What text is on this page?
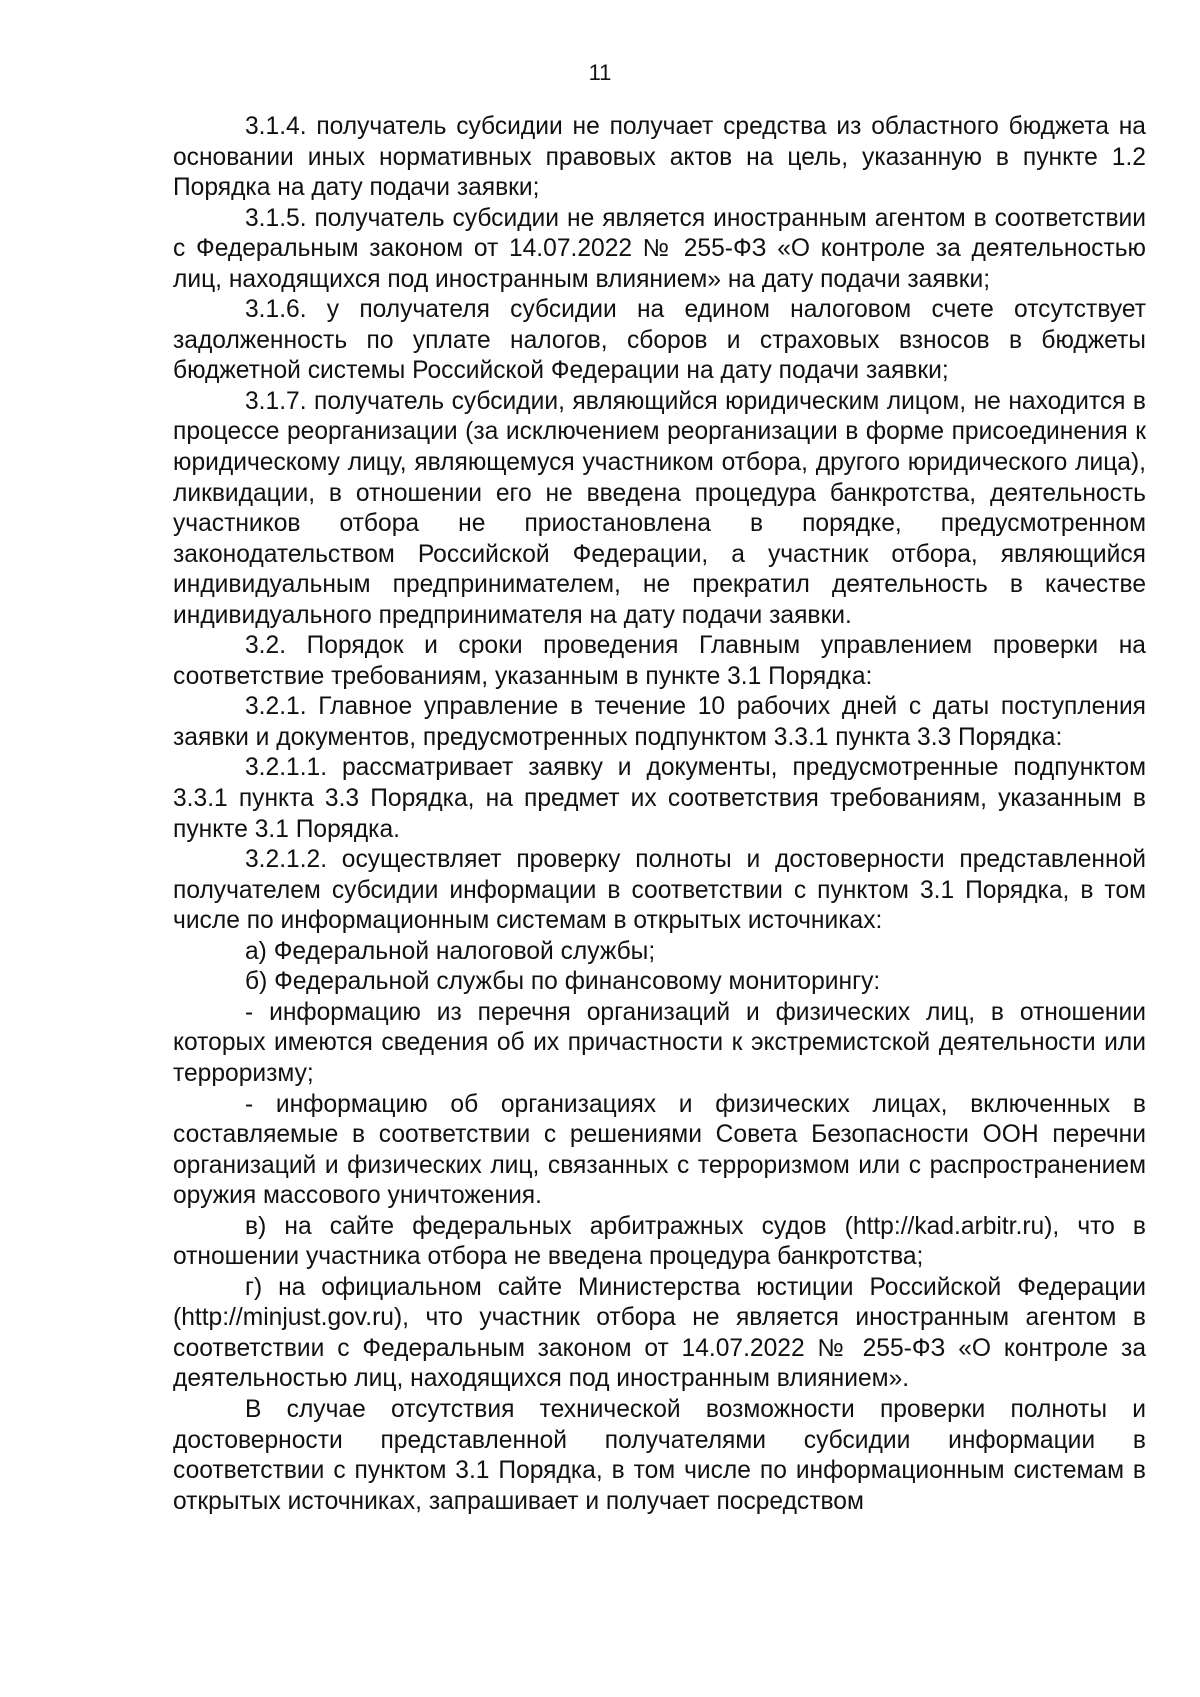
11

3.1.4. получатель субсидии не получает средства из областного бюджета на основании иных нормативных правовых актов на цель, указанную в пункте 1.2 Порядка на дату подачи заявки;

3.1.5. получатель субсидии не является иностранным агентом в соответствии с Федеральным законом от 14.07.2022 № 255-ФЗ «О контроле за деятельностью лиц, находящихся под иностранным влиянием» на дату подачи заявки;

3.1.6. у получателя субсидии на едином налоговом счете отсутствует задолженность по уплате налогов, сборов и страховых взносов в бюджеты бюджетной системы Российской Федерации на дату подачи заявки;

3.1.7. получатель субсидии, являющийся юридическим лицом, не находится в процессе реорганизации (за исключением реорганизации в форме присоединения к юридическому лицу, являющемуся участником отбора, другого юридического лица), ликвидации, в отношении его не введена процедура банкротства, деятельность участников отбора не приостановлена в порядке, предусмотренном законодательством Российской Федерации, а участник отбора, являющийся индивидуальным предпринимателем, не прекратил деятельность в качестве индивидуального предпринимателя на дату подачи заявки.

3.2. Порядок и сроки проведения Главным управлением проверки на соответствие требованиям, указанным в пункте 3.1 Порядка:

3.2.1. Главное управление в течение 10 рабочих дней с даты поступления заявки и документов, предусмотренных подпунктом 3.3.1 пункта 3.3 Порядка:

3.2.1.1. рассматривает заявку и документы, предусмотренные подпунктом 3.3.1 пункта 3.3 Порядка, на предмет их соответствия требованиям, указанным в пункте 3.1 Порядка.

3.2.1.2. осуществляет проверку полноты и достоверности представленной получателем субсидии информации в соответствии с пунктом 3.1 Порядка, в том числе по информационным системам в открытых источниках:

а) Федеральной налоговой службы;

б) Федеральной службы по финансовому мониторингу:

- информацию из перечня организаций и физических лиц, в отношении которых имеются сведения об их причастности к экстремистской деятельности или терроризму;

- информацию об организациях и физических лицах, включенных в составляемые в соответствии с решениями Совета Безопасности ООН перечни организаций и физических лиц, связанных с терроризмом или с распространением оружия массового уничтожения.

в) на сайте федеральных арбитражных судов (http://kad.arbitr.ru), что в отношении участника отбора не введена процедура банкротства;

г) на официальном сайте Министерства юстиции Российской Федерации (http://minjust.gov.ru), что участник отбора не является иностранным агентом в соответствии с Федеральным законом от 14.07.2022 № 255-ФЗ «О контроле за деятельностью лиц, находящихся под иностранным влиянием».

В случае отсутствия технической возможности проверки полноты и достоверности представленной получателями субсидии информации в соответствии с пунктом 3.1 Порядка, в том числе по информационным системам в открытых источниках, запрашивает и получает посредством
